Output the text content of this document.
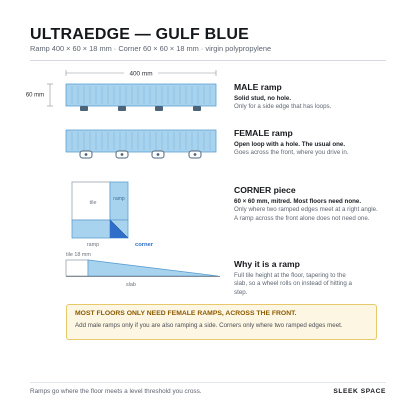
ULTRAEDGE — GULF BLUE
Ramp 400 × 60 × 18 mm · Corner 60 × 60 × 18 mm · virgin polypropylene
400 mm
60 mm
tile
ramp
ramp	corner
tile 18 mm
slab
MALE ramp
Solid stud, no hole.
Only for a side edge that has loops.
FEMALE ramp
Open loop with a hole. The usual one.
Goes across the front, where you drive in.
CORNER piece
60 × 60 mm, mitred. Most floors need none.
Only where two ramped edges meet at a right angle. A ramp across the front alone does not need one.
Why it is a ramp
Full tile height at the floor, tapering to the slab, so a wheel rolls on instead of hitting a step.
MOST FLOORS ONLY NEED FEMALE RAMPS, ACROSS THE FRONT.
Add male ramps only if you are also ramping a side. Corners only where two ramped edges meet.
Ramps go where the floor meets a level threshold you cross.	SLEEK SPACE
